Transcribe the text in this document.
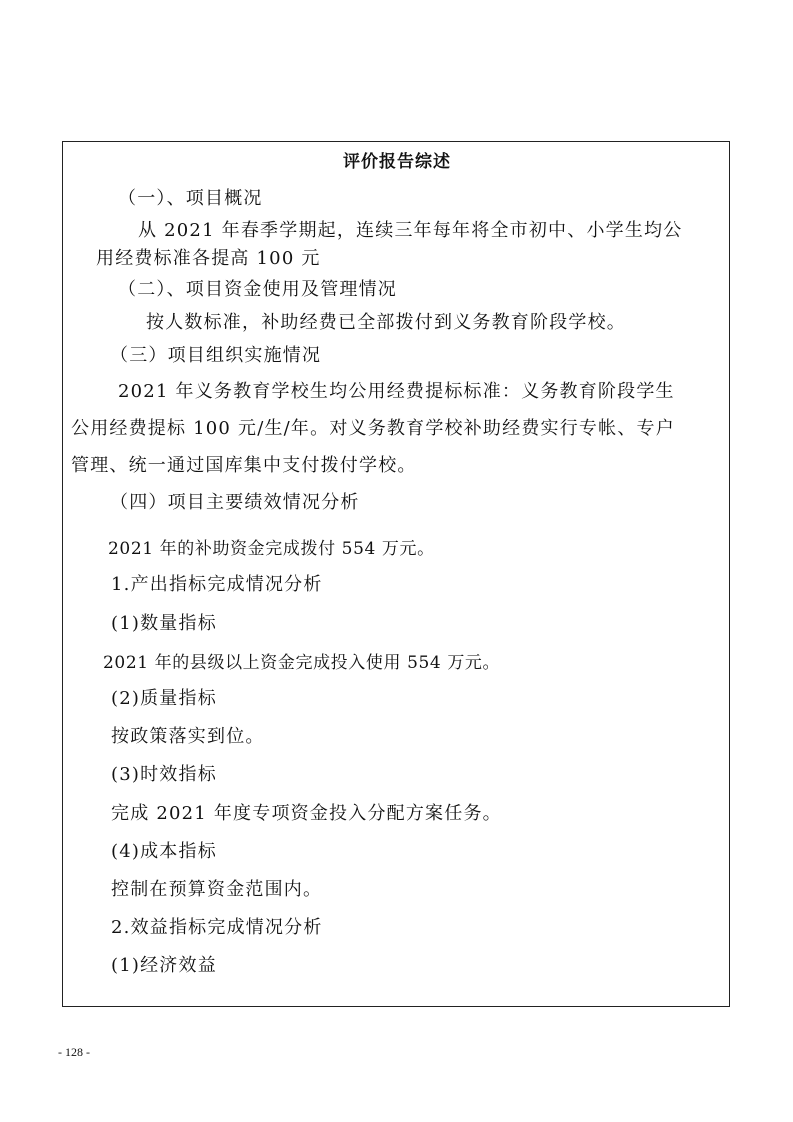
评价报告综述
（一）、项目概况
从 2021 年春季学期起，连续三年每年将全市初中、小学生均公
用经费标准各提高 100 元
（二）、项目资金使用及管理情况
按人数标准，补助经费已全部拨付到义务教育阶段学校。
（三）项目组织实施情况
2021 年义务教育学校生均公用经费提标标准：义务教育阶段学生
公用经费提标 100 元/生/年。对义务教育学校补助经费实行专帐、专户
管理、统一通过国库集中支付拨付学校。
（四）项目主要绩效情况分析
2021 年的补助资金完成拨付 554 万元。
1.产出指标完成情况分析
(1)数量指标
2021 年的县级以上资金完成投入使用 554 万元。
(2)质量指标
按政策落实到位。
(3)时效指标
完成 2021 年度专项资金投入分配方案任务。
(4)成本指标
控制在预算资金范围内。
2.效益指标完成情况分析
(1)经济效益
- 128 -
